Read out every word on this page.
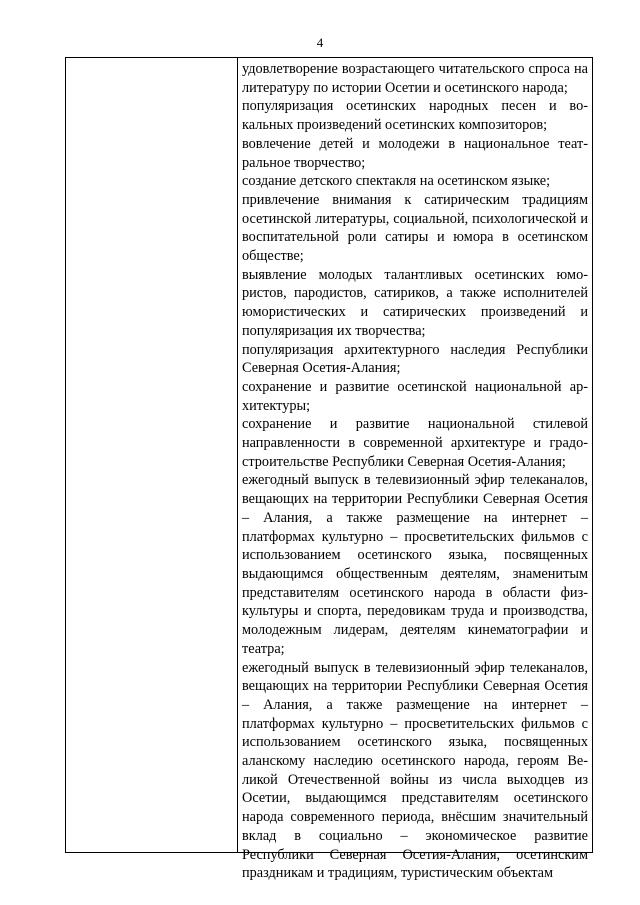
4

удовлетворение возрастающего читательского спроса на литературу по истории Осетии и осетинского народа;

популяризация осетинских народных песен и вокальных произведений осетинских композиторов;

вовлечение детей и молодежи в национальное театральное творчество;

создание детского спектакля на осетинском языке;

привлечение внимания к сатирическим традициям осетинской литературы, социальной, психологической и воспитательной роли сатиры и юмора в осетинском обществе;

выявление молодых талантливых осетинских юмористов, пародистов, сатириков, а также исполнителей юмористических и сатирических произведений и популяризация их творчества;

популяризация архитектурного наследия Республики Северная Осетия-Алания;

сохранение и развитие осетинской национальной архитектуры;

сохранение и развитие национальной стилевой направленности в современной архитектуре и градостроительстве Республики Северная Осетия-Алания;

ежегодный выпуск в телевизионный эфир телеканалов, вещающих на территории Республики Северная Осетия – Алания, а также размещение на интернет – платформах культурно – просветительских фильмов с использованием осетинского языка, посвященных выдающимся общественным деятелям, знаменитым представителям осетинского народа в области физкультуры и спорта, передовикам труда и производства, молодежным лидерам, деятелям кинематографии и театра;

ежегодный выпуск в телевизионный эфир телеканалов, вещающих на территории Республики Северная Осетия – Алания, а также размещение на интернет – платформах культурно – просветительских фильмов с использованием осетинского языка, посвященных аланскому наследию осетинского народа, героям Великой Отечественной войны из числа выходцев из Осетии, выдающимся представителям осетинского народа современного периода, внёсшим значительный вклад в социально – экономическое развитие Республики Северная Осетия-Алания, осетинским праздникам и традициям, туристическим объектам
